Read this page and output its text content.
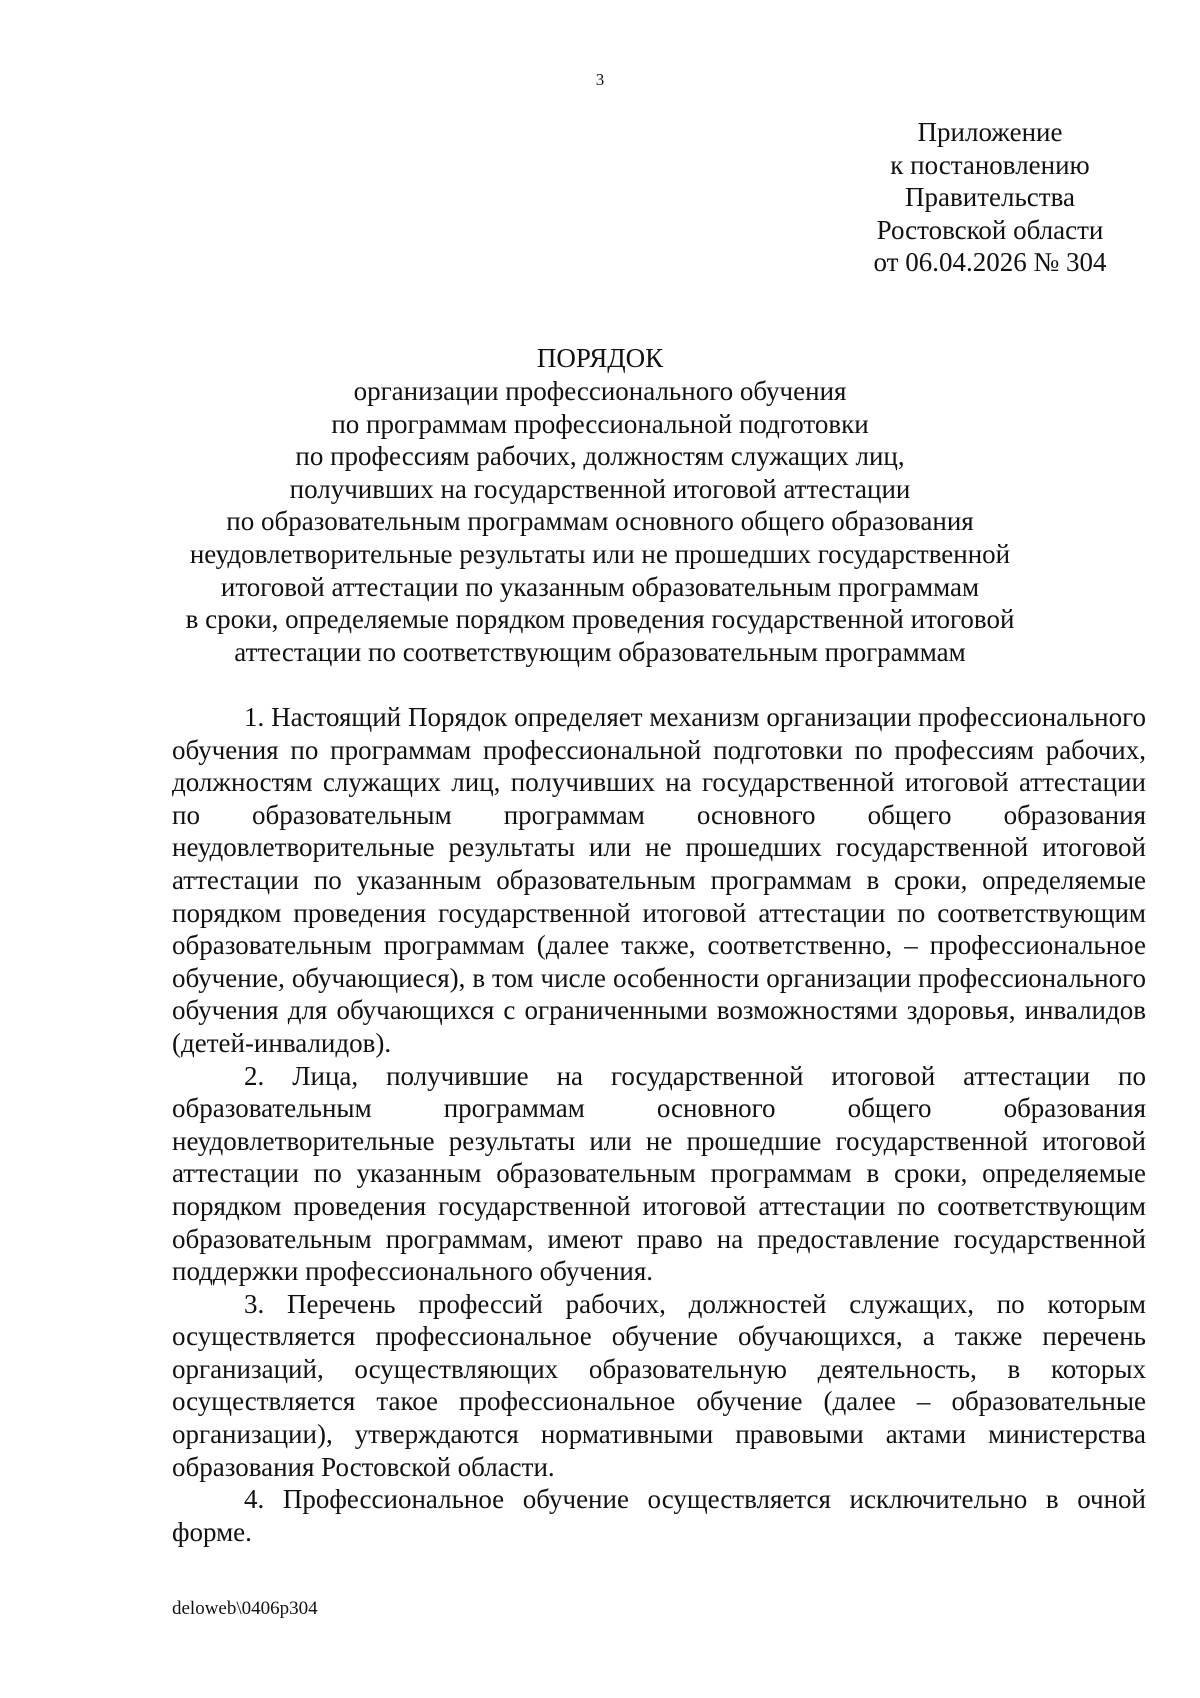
3
Приложение
к постановлению
Правительства
Ростовской области
от 06.04.2026 № 304
ПОРЯДОК
организации профессионального обучения
по программам профессиональной подготовки
по профессиям рабочих, должностям служащих лиц,
получивших на государственной итоговой аттестации
по образовательным программам основного общего образования
неудовлетворительные результаты или не прошедших государственной
итоговой аттестации по указанным образовательным программам
в сроки, определяемые порядком проведения государственной итоговой
аттестации по соответствующим образовательным программам

1. Настоящий Порядок определяет механизм организации профессионального обучения по программам профессиональной подготовки по профессиям рабочих, должностям служащих лиц, получивших на государственной итоговой аттестации по образовательным программам основного общего образования неудовлетворительные результаты или не прошедших государственной итоговой аттестации по указанным образовательным программам в сроки, определяемые порядком проведения государственной итоговой аттестации по соответствующим образовательным программам (далее также, соответственно, – профессиональное обучение, обучающиеся), в том числе особенности организации профессионального обучения для обучающихся с ограниченными возможностями здоровья, инвалидов (детей-инвалидов).

2. Лица, получившие на государственной итоговой аттестации по образовательным программам основного общего образования неудовлетворительные результаты или не прошедшие государственной итоговой аттестации по указанным образовательным программам в сроки, определяемые порядком проведения государственной итоговой аттестации по соответствующим образовательным программам, имеют право на предоставление государственной поддержки профессионального обучения.

3. Перечень профессий рабочих, должностей служащих, по которым осуществляется профессиональное обучение обучающихся, а также перечень организаций, осуществляющих образовательную деятельность, в которых осуществляется такое профессиональное обучение (далее – образовательные организации), утверждаются нормативными правовыми актами министерства образования Ростовской области.

4. Профессиональное обучение осуществляется исключительно в очной форме.

deloweb\0406p304
